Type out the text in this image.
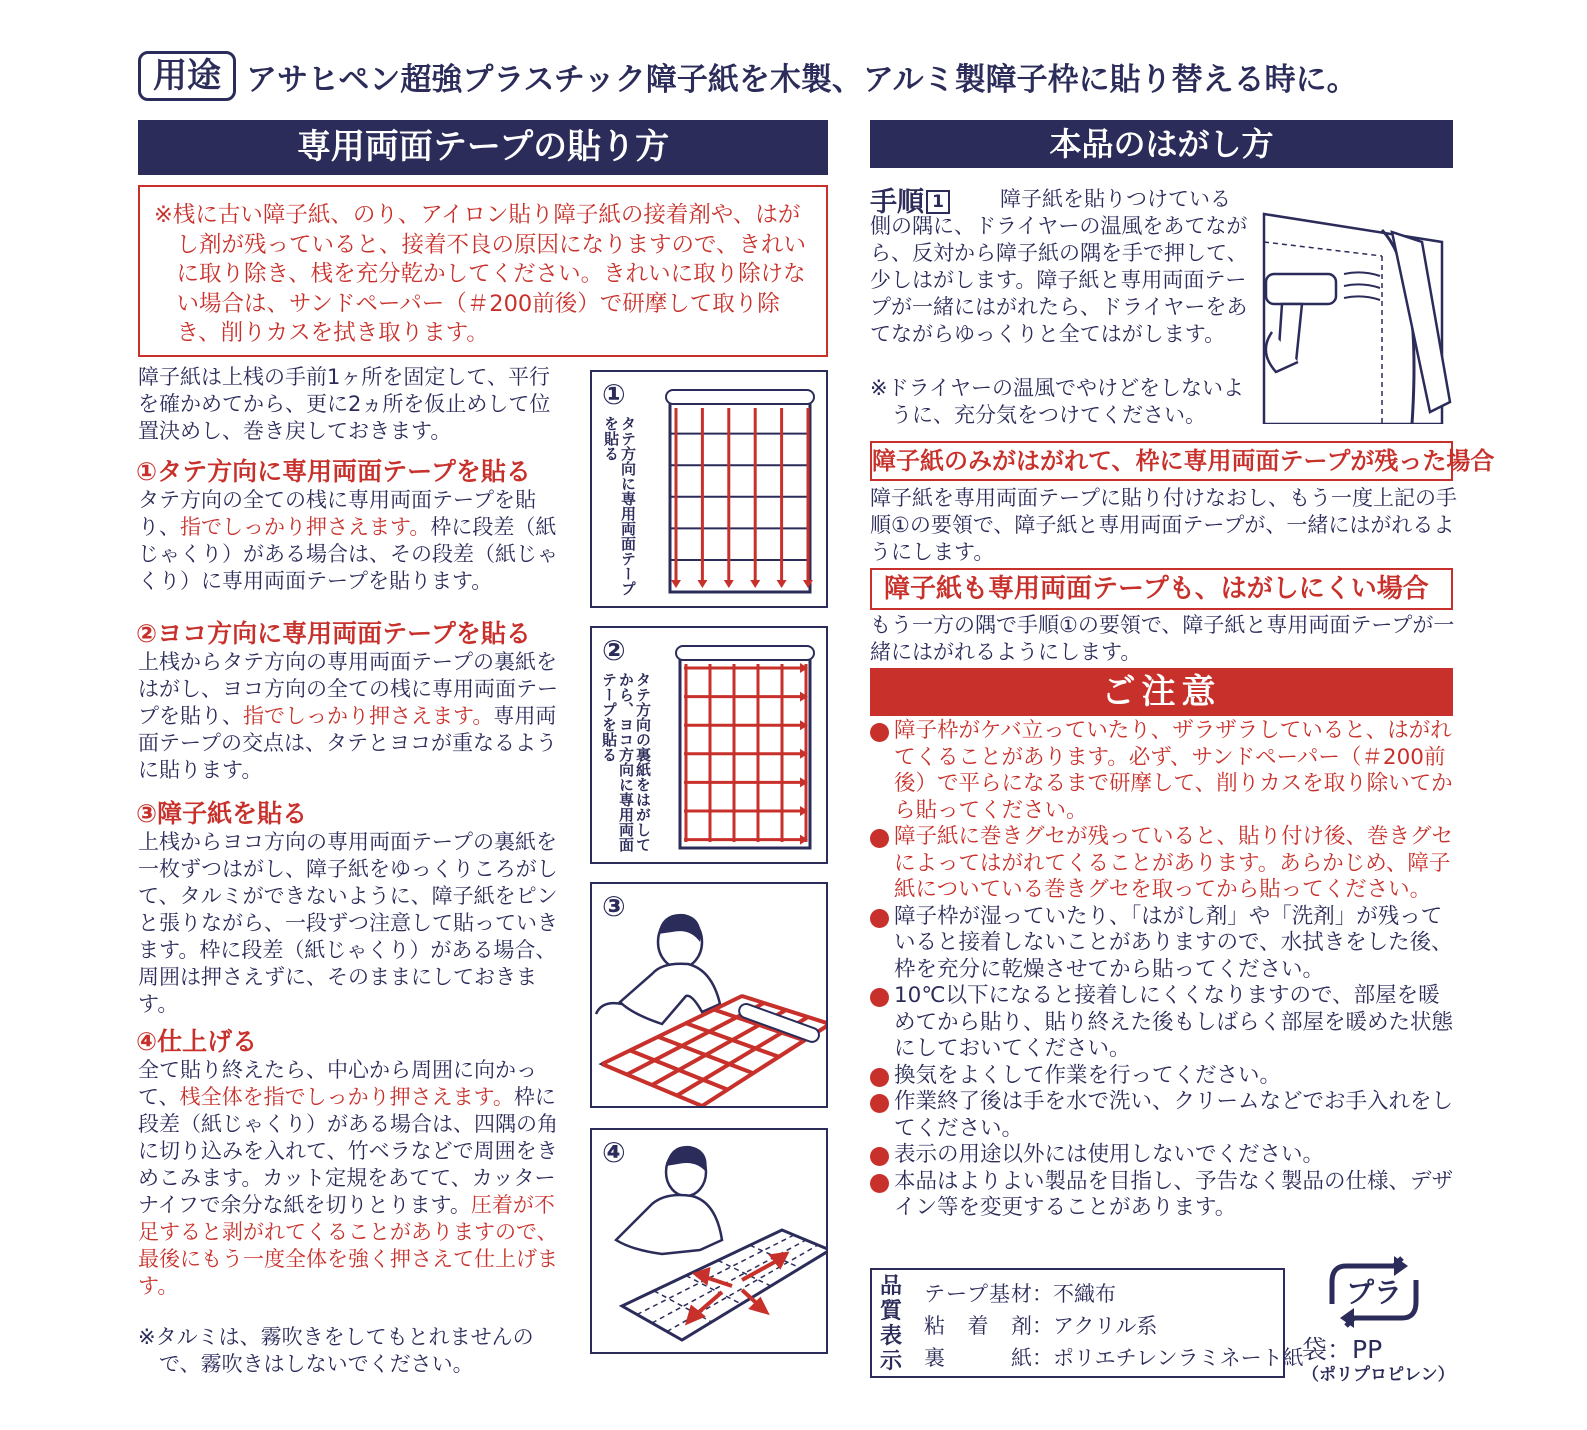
用途 アサヒペン超強プラスチック障子紙を木製、アルミ製障子枠に貼り替える時に。
専用両面テープの貼り方

※桟に古い障子紙、のり、アイロン貼り障子紙の接着剤や、はがし剤が残っていると、接着不良の原因になりますので、きれいに取り除き、桟を充分乾かしてください。きれいに取り除けない場合は、サンドペーパー（＃200前後）で研摩して取り除き、削りカスを拭き取ります。

障子紙は上桟の手前1ヶ所を固定して、平行を確かめてから、更に2ヵ所を仮止めして位置決めし、巻き戻しておきます。
①タテ方向に専用両面テープを貼る
タテ方向の全ての桟に専用両面テープを貼り、指でしっかり押さえます。枠に段差（紙じゃくり）がある場合は、その段差（紙じゃくり）に専用両面テープを貼ります。
②ヨコ方向に専用両面テープを貼る
上桟からタテ方向の専用両面テープの裏紙をはがし、ヨコ方向の全ての桟に専用両面テープを貼り、指でしっかり押さえます。専用両面テープの交点は、タテとヨコが重なるように貼ります。
③障子紙を貼る
上桟からヨコ方向の専用両面テープの裏紙を一枚ずつはがし、障子紙をゆっくりころがして、タルミができないように、障子紙をピンと張りながら、一段ずつ注意して貼っていきます。枠に段差（紙じゃくり）がある場合、周囲は押さえずに、そのままにしておきます。
④仕上げる
全て貼り終えたら、中心から周囲に向かって、桟全体を指でしっかり押さえます。枠に段差（紙じゃくり）がある場合は、四隅の角に切り込みを入れて、竹ベラなどで周囲をきめこみます。カット定規をあてて、カッターナイフで余分な紙を切りとります。圧着が不足すると剥がれてくることがありますので、最後にもう一度全体を強く押さえて仕上げます。
※タルミは、霧吹きをしてもとれませんので、霧吹きはしないでください。
①
タテ方向に専用両面テープを貼る
②
タテ方向の裏紙をはがしてから、ヨコ方向に専用両面テープを貼る
③
④
本品のはがし方
手順 1	障子紙を貼りつけている側の隅に、ドライヤーの温風をあてながら、反対から障子紙の隅を手で押して、少しはがします。障子紙と専用両面テープが一緒にはがれたら、ドライヤーをあてながらゆっくりと全てはがします。
※ドライヤーの温風でやけどをしないように、充分気をつけてください。
障子紙のみがはがれて、枠に専用両面テープが残った場合
障子紙を専用両面テープに貼り付けなおし、もう一度上記の手順①の要領で、障子紙と専用両面テープが、一緒にはがれるようにします。
障子紙も専用両面テープも、はがしにくい場合
もう一方の隅で手順①の要領で、障子紙と専用両面テープが一緒にはがれるようにします。
ご注意
障子枠がケバ立っていたり、ザラザラしていると、はがれてくることがあります。必ず、サンドペーパー（＃200前後）で平らになるまで研摩して、削りカスを取り除いてから貼ってください。
障子紙に巻きグセが残っていると、貼り付け後、巻きグセによってはがれてくることがあります。あらかじめ、障子紙についている巻きグセを取ってから貼ってください。
障子枠が湿っていたり、「はがし剤」や「洗剤」が残っていると接着しないことがありますので、水拭きをした後、枠を充分に乾燥させてから貼ってください。
10℃以下になると接着しにくくなりますので、部屋を暖めてから貼り、貼り終えた後もしばらく部屋を暖めた状態にしておいてください。
換気をよくして作業を行ってください。
作業終了後は手を水で洗い、クリームなどでお手入れをしてください。
表示の用途以外には使用しないでください。
本品はよりよい製品を目指し、予告なく製品の仕様、デザイン等を変更することがあります。
品質表示
テープ基材：不織布
粘着剤：アクリル系
裏紙：ポリエチレンラミネート紙
プラ
袋：PP
（ポリプロピレン）
